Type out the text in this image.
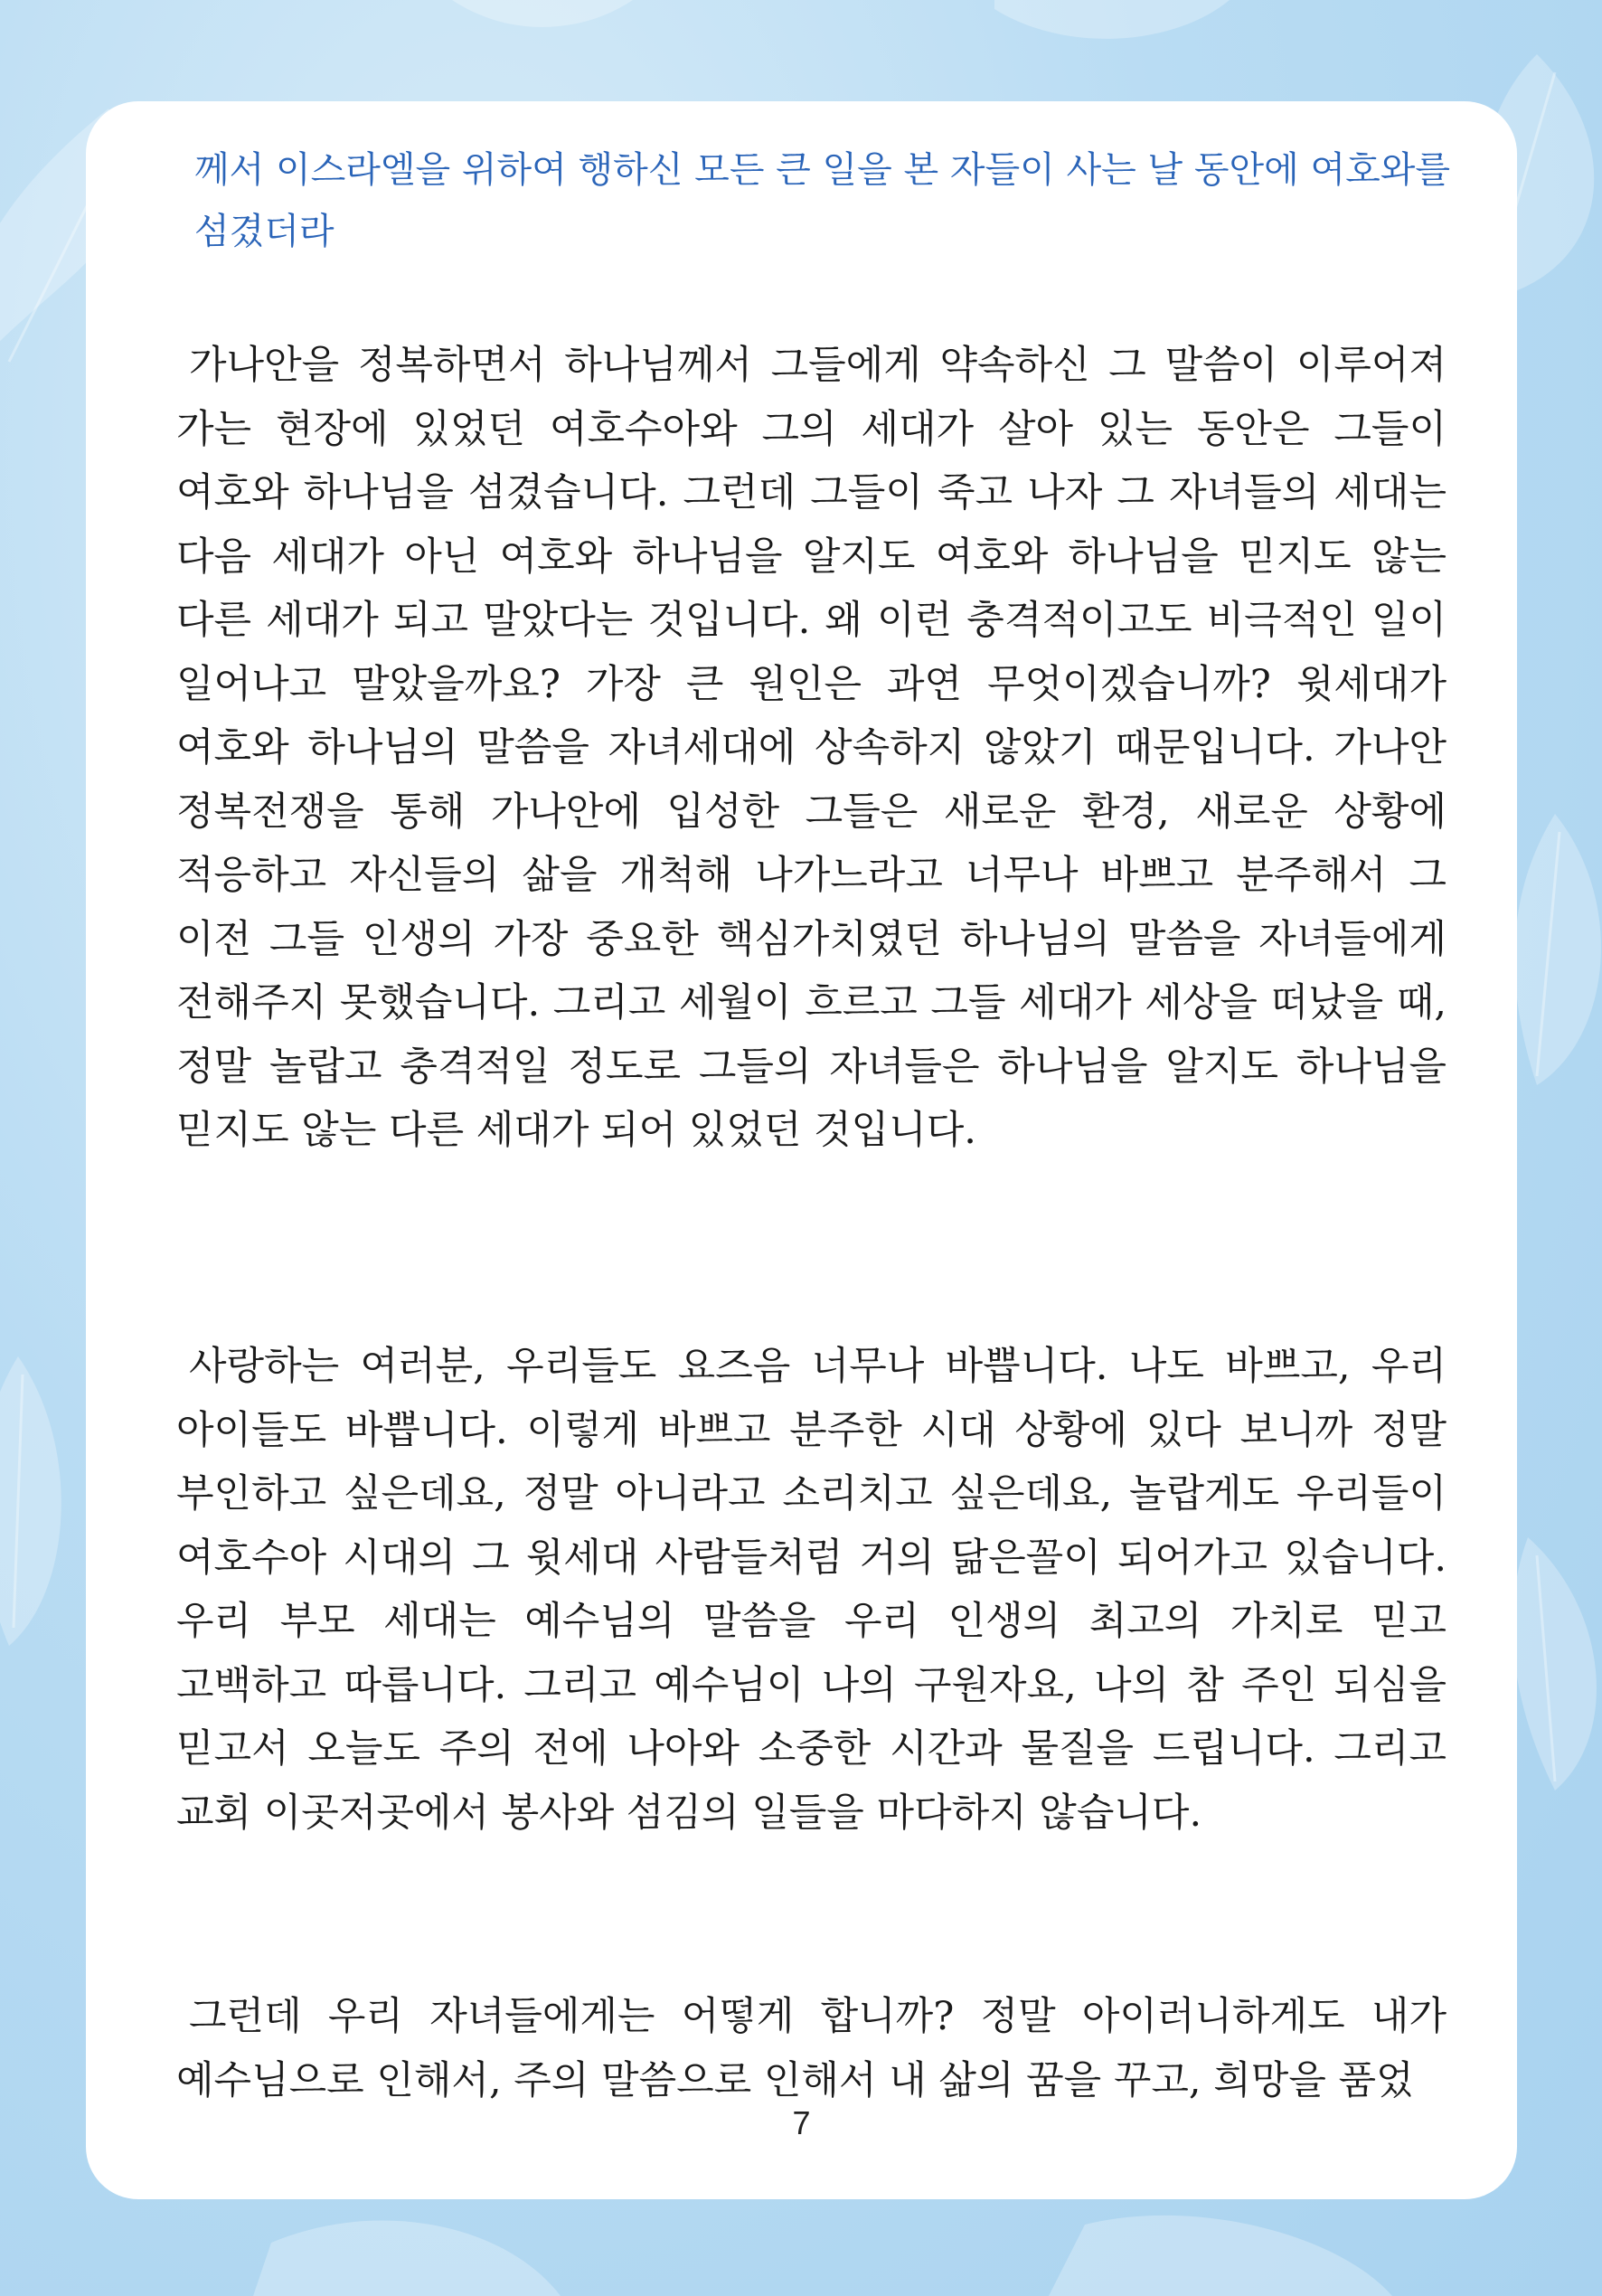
께서 이스라엘을 위하여 행하신 모든 큰 일을 본 자들이 사는 날 동안에 여호와를 섬겼더라

가나안을 정복하면서 하나님께서 그들에게 약속하신 그 말씀이 이루어져 가는 현장에 있었던 여호수아와 그의 세대가 살아 있는 동안은 그들이 여호와 하나님을 섬겼습니다. 그런데 그들이 죽고 나자 그 자녀들의 세대는 다음 세대가 아닌 여호와 하나님을 알지도 여호와 하나님을 믿지도 않는 다른 세대가 되고 말았다는 것입니다. 왜 이런 충격적이고도 비극적인 일이 일어나고 말았을까요? 가장 큰 원인은 과연 무엇이겠습니까? 윗세대가 여호와 하나님의 말씀을 자녀세대에 상속하지 않았기 때문입니다. 가나안 정복전쟁을 통해 가나안에 입성한 그들은 새로운 환경, 새로운 상황에 적응하고 자신들의 삶을 개척해 나가느라고 너무나 바쁘고 분주해서 그 이전 그들 인생의 가장 중요한 핵심가치였던 하나님의 말씀을 자녀들에게 전해주지 못했습니다. 그리고 세월이 흐르고 그들 세대가 세상을 떠났을 때, 정말 놀랍고 충격적일 정도로 그들의 자녀들은 하나님을 알지도 하나님을 믿지도 않는 다른 세대가 되어 있었던 것입니다.

사랑하는 여러분, 우리들도 요즈음 너무나 바쁩니다. 나도 바쁘고, 우리 아이들도 바쁩니다. 이렇게 바쁘고 분주한 시대 상황에 있다 보니까 정말 부인하고 싶은데요, 정말 아니라고 소리치고 싶은데요, 놀랍게도 우리들이 여호수아 시대의 그 윗세대 사람들처럼 거의 닮은꼴이 되어가고 있습니다. 우리 부모 세대는 예수님의 말씀을 우리 인생의 최고의 가치로 믿고 고백하고 따릅니다. 그리고 예수님이 나의 구원자요, 나의 참 주인 되심을 믿고서 오늘도 주의 전에 나아와 소중한 시간과 물질을 드립니다. 그리고 교회 이곳저곳에서 봉사와 섬김의 일들을 마다하지 않습니다.

그런데 우리 자녀들에게는 어떻게 합니까? 정말 아이러니하게도 내가 예수님으로 인해서, 주의 말씀으로 인해서 내 삶의 꿈을 꾸고, 희망을 품었

7
